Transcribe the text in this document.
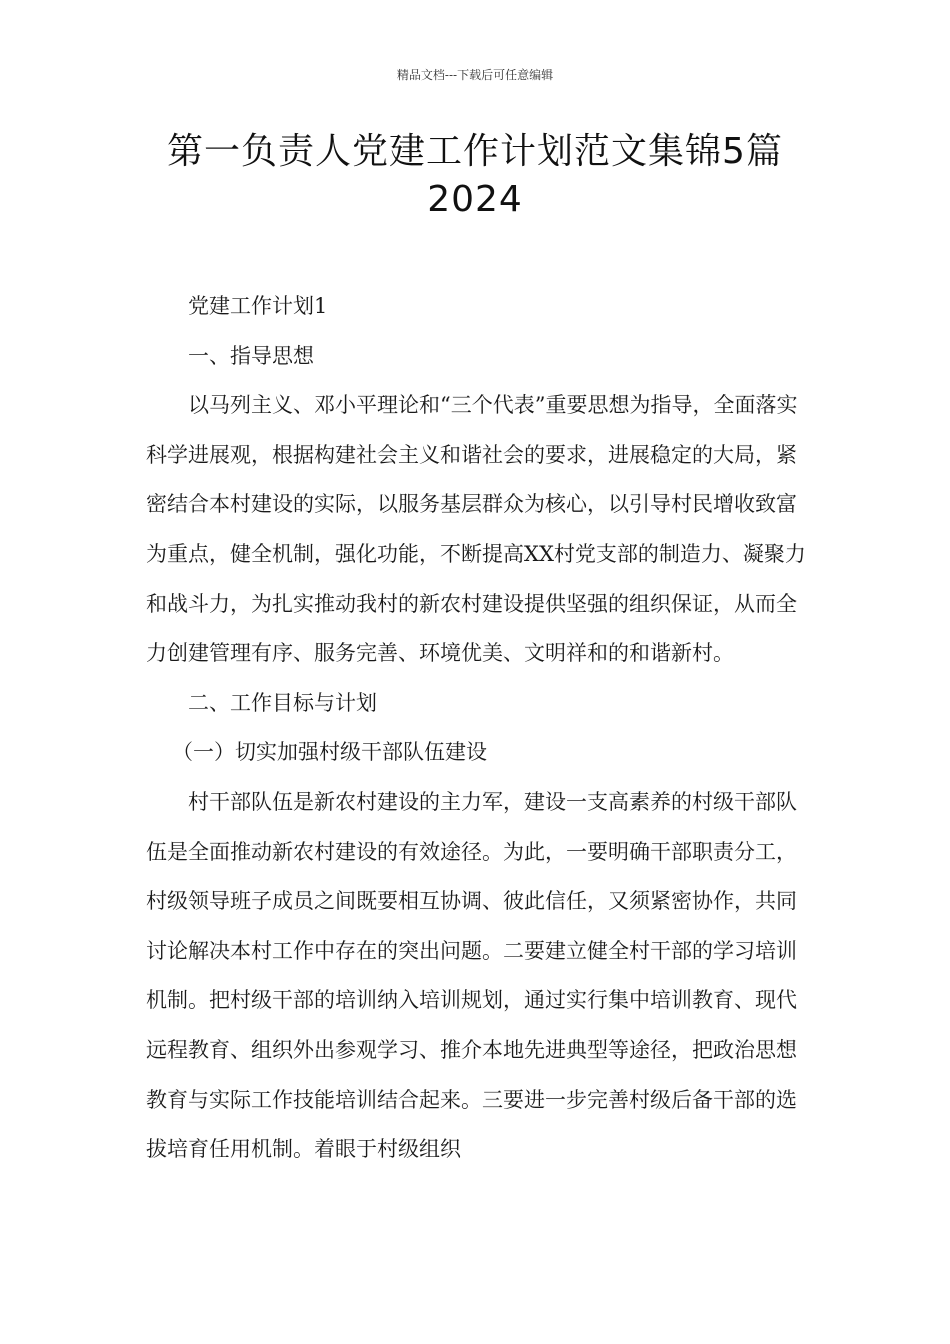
精品文档---下载后可任意编辑
第一负责人党建工作计划范文集锦5篇2024

党建工作计划1

一、指导思想

以马列主义、邓小平理论和“三个代表”重要思想为指导，全面落实科学进展观，根据构建社会主义和谐社会的要求，进展稳定的大局，紧密结合本村建设的实际，以服务基层群众为核心，以引导村民增收致富为重点，健全机制，强化功能，不断提高XX村党支部的制造力、凝聚力和战斗力，为扎实推动我村的新农村建设提供坚强的组织保证，从而全力创建管理有序、服务完善、环境优美、文明祥和的和谐新村。

二、工作目标与计划

（一）切实加强村级干部队伍建设

村干部队伍是新农村建设的主力军，建设一支高素养的村级干部队伍是全面推动新农村建设的有效途径。为此，一要明确干部职责分工，村级领导班子成员之间既要相互协调、彼此信任，又须紧密协作，共同讨论解决本村工作中存在的突出问题。二要建立健全村干部的学习培训机制。把村级干部的培训纳入培训规划，通过实行集中培训教育、现代远程教育、组织外出参观学习、推介本地先进典型等途径，把政治思想教育与实际工作技能培训结合起来。三要进一步完善村级后备干部的选拔培育任用机制。着眼于村级组织
